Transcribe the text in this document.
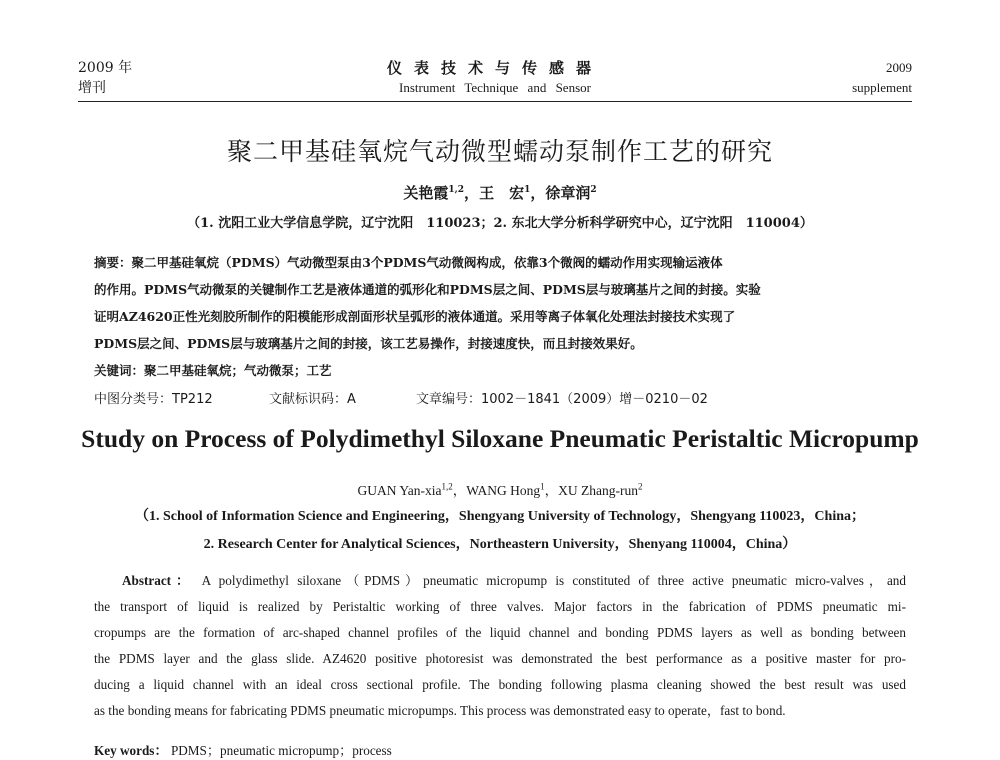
2009 年
增刊
仪表技术与传感器
Instrument Technique and Sensor
2009
supplement
聚二甲基硅氧烷气动微型蠕动泵制作工艺的研究
关艳霞$^{1,2}$，王　宏$^1$，徐章润$^2$
（1. 沈阳工业大学信息学院，辽宁沈阳　110023；2. 东北大学分析科学研究中心，辽宁沈阳　110004）
摘要：聚二甲基硅氧烷（PDMS）气动微型泵由3个PDMS气动微阀构成，依靠3个微阀的蠕动作用实现输运液体
的作用。PDMS气动微泵的关键制作工艺是液体通道的弧形化和PDMS层之间、PDMS层与玻璃基片之间的封接。实验
证明AZ4620正性光刻胶所制作的阳模能形成剖面形状呈弧形的液体通道。采用等离子体氧化处理法封接技术实现了
PDMS层之间、PDMS层与玻璃基片之间的封接，该工艺易操作，封接速度快，而且封接效果好。
关键词：聚二甲基硅氧烷；气动微泵；工艺
中图分类号：TP212	文献标识码：A	文章编号：1002－1841（2009）增－0210－02
Study on Process of Polydimethyl Siloxane Pneumatic Peristaltic Micropump
GUAN Yan-xia$^{1,2}$，WANG Hong$^1$，XU Zhang-run$^2$
（1. School of Information Science and Engineering，Shengyang University of Technology，Shengyang 110023，China；
2. Research Center for Analytical Sciences，Northeastern University，Shenyang 110004，China）
Abstract： A polydimethyl siloxane（PDMS）pneumatic micropump is constituted of three active pneumatic micro-valves，and
the transport of liquid is realized by Peristaltic working of three valves. Major factors in the fabrication of PDMS pneumatic mi-
cropumps are the formation of arc-shaped channel profiles of the liquid channel and bonding PDMS layers as well as bonding between
the PDMS layer and the glass slide. AZ4620 positive photoresist was demonstrated the best performance as a positive master for pro-
ducing a liquid channel with an ideal cross sectional profile. The bonding following plasma cleaning showed the best result was used
as the bonding means for fabricating PDMS pneumatic micropumps. This process was demonstrated easy to operate，fast to bond.
Key words： PDMS；pneumatic micropump；process
